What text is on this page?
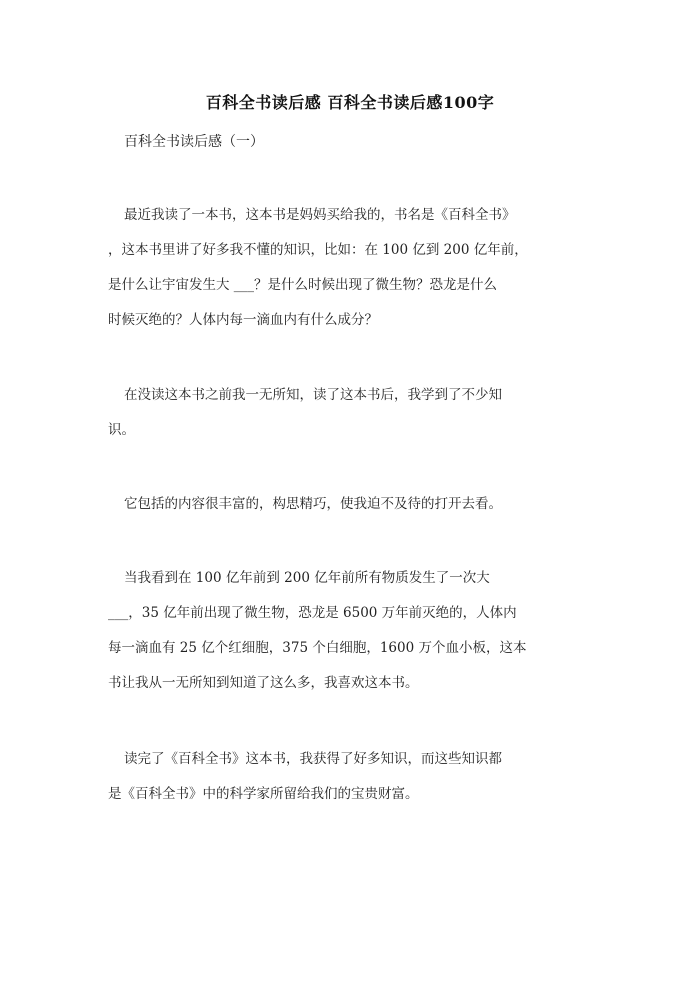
百科全书读后感 百科全书读后感100字
百科全书读后感（一）
最近我读了一本书，这本书是妈妈买给我的，书名是《百科全书》
，这本书里讲了好多我不懂的知识，比如：在 100 亿到 200 亿年前，
是什么让宇宙发生大 ___？是什么时候出现了微生物？恐龙是什么
时候灭绝的？人体内每一滴血内有什么成分？
在没读这本书之前我一无所知，读了这本书后，我学到了不少知
识。
它包括的内容很丰富的，构思精巧，使我迫不及待的打开去看。
当我看到在 100 亿年前到 200 亿年前所有物质发生了一次大
___，35 亿年前出现了微生物，恐龙是 6500 万年前灭绝的，人体内
每一滴血有 25 亿个红细胞，375 个白细胞，1600 万个血小板，这本
书让我从一无所知到知道了这么多，我喜欢这本书。
读完了《百科全书》这本书，我获得了好多知识，而这些知识都
是《百科全书》中的科学家所留给我们的宝贵财富。
